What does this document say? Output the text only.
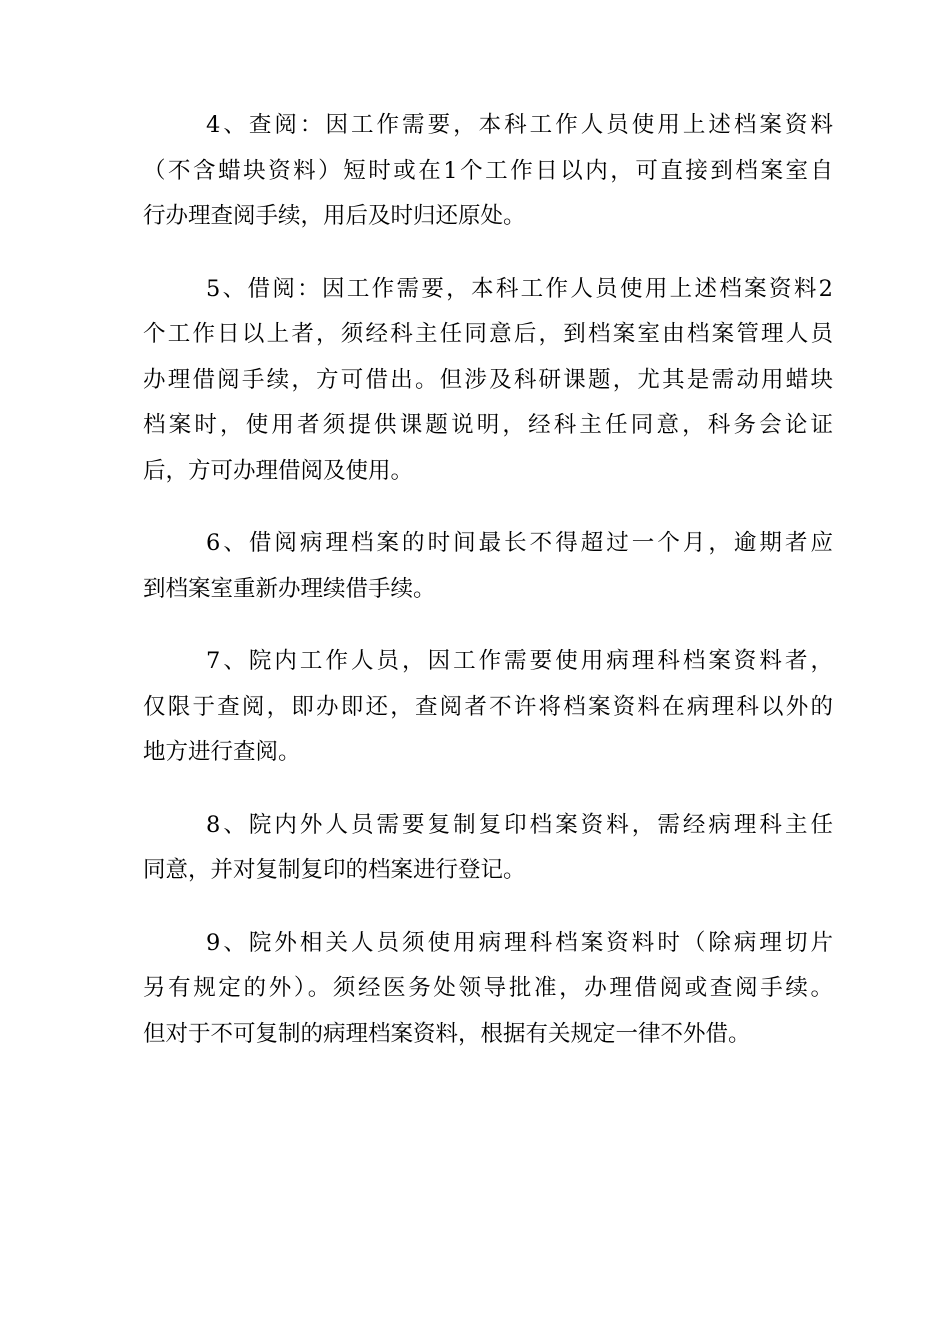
4、查阅：因工作需要，本科工作人员使用上述档案资料
（不含蜡块资料）短时或在1个工作日以内，可直接到档案室自
行办理查阅手续，用后及时归还原处。
5、借阅：因工作需要，本科工作人员使用上述档案资料2
个工作日以上者，须经科主任同意后，到档案室由档案管理人员
办理借阅手续，方可借出。但涉及科研课题，尤其是需动用蜡块
档案时，使用者须提供课题说明，经科主任同意，科务会论证
后，方可办理借阅及使用。
6、借阅病理档案的时间最长不得超过一个月，逾期者应
到档案室重新办理续借手续。
7、院内工作人员，因工作需要使用病理科档案资料者，
仅限于查阅，即办即还，查阅者不许将档案资料在病理科以外的
地方进行查阅。
8、院内外人员需要复制复印档案资料，需经病理科主任
同意，并对复制复印的档案进行登记。
9、院外相关人员须使用病理科档案资料时（除病理切片
另有规定的外）。须经医务处领导批准，办理借阅或查阅手续。
但对于不可复制的病理档案资料，根据有关规定一律不外借。
